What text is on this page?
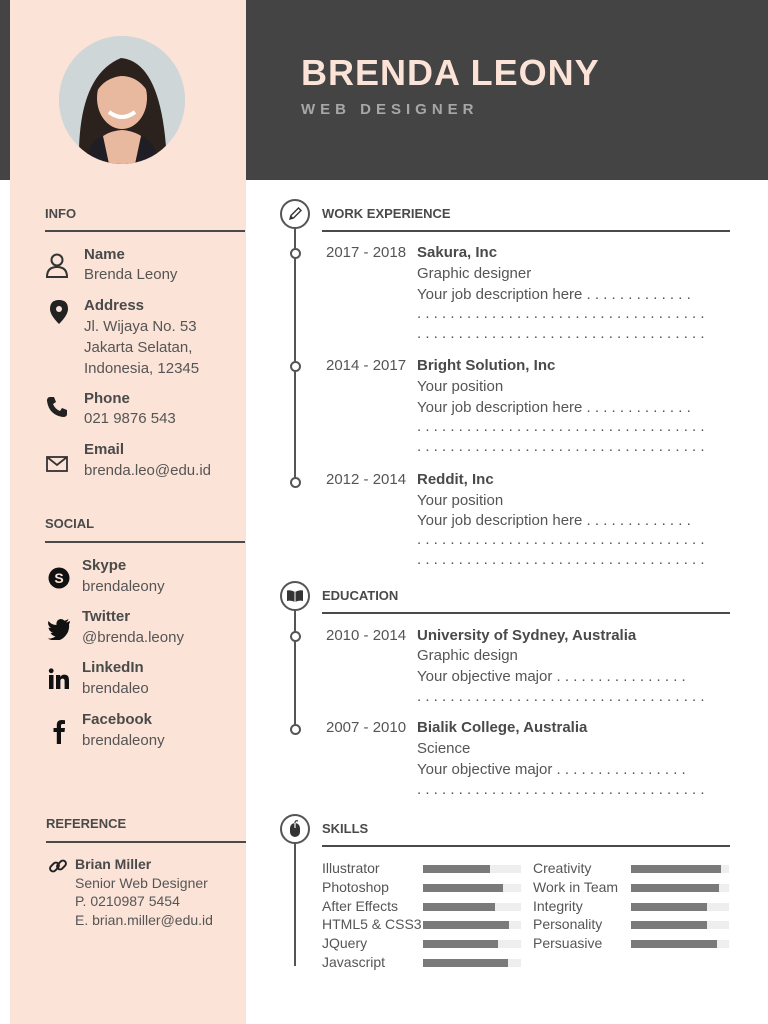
BRENDA LEONY
WEB DESIGNER
INFO
Name
Brenda Leony
Address
Jl. Wijaya No. 53
Jakarta Selatan,
Indonesia, 12345
Phone
021 9876 543
Email
brenda.leo@edu.id
SOCIAL
S
Skype
brendaleony
Twitter
@brenda.leony
LinkedIn
brendaleo
Facebook
brendaleony
REFERENCE
Brian Miller
Senior Web Designer
P. 0210987 5454
E. brian.miller@edu.id
WORK EXPERIENCE
2017 - 2018 Sakura, Inc
Graphic designer
Your job description here . . . . . . . . . . . . .
. . . . . . . . . . . . . . . . . . . . . . . . . . . . . . . . . . .
. . . . . . . . . . . . . . . . . . . . . . . . . . . . . . . . . . .
2014 - 2017 Bright Solution, Inc
Your position
Your job description here . . . . . . . . . . . . .
. . . . . . . . . . . . . . . . . . . . . . . . . . . . . . . . . . .
. . . . . . . . . . . . . . . . . . . . . . . . . . . . . . . . . . .
2012 - 2014 Reddit, Inc
Your position
Your job description here . . . . . . . . . . . . .
. . . . . . . . . . . . . . . . . . . . . . . . . . . . . . . . . . .
. . . . . . . . . . . . . . . . . . . . . . . . . . . . . . . . . . .
EDUCATION
2010 - 2014 University of Sydney, Australia
Graphic design
Your objective major . . . . . . . . . . . . . . . .
. . . . . . . . . . . . . . . . . . . . . . . . . . . . . . . . . . .
2007 - 2010 Bialik College, Australia
Science
Your objective major . . . . . . . . . . . . . . . .
. . . . . . . . . . . . . . . . . . . . . . . . . . . . . . . . . . .
SKILLS
Illustrator
Photoshop
After Effects
HTML5 & CSS3
JQuery
Javascript
Creativity
Work in Team
Integrity
Personality
Persuasive
